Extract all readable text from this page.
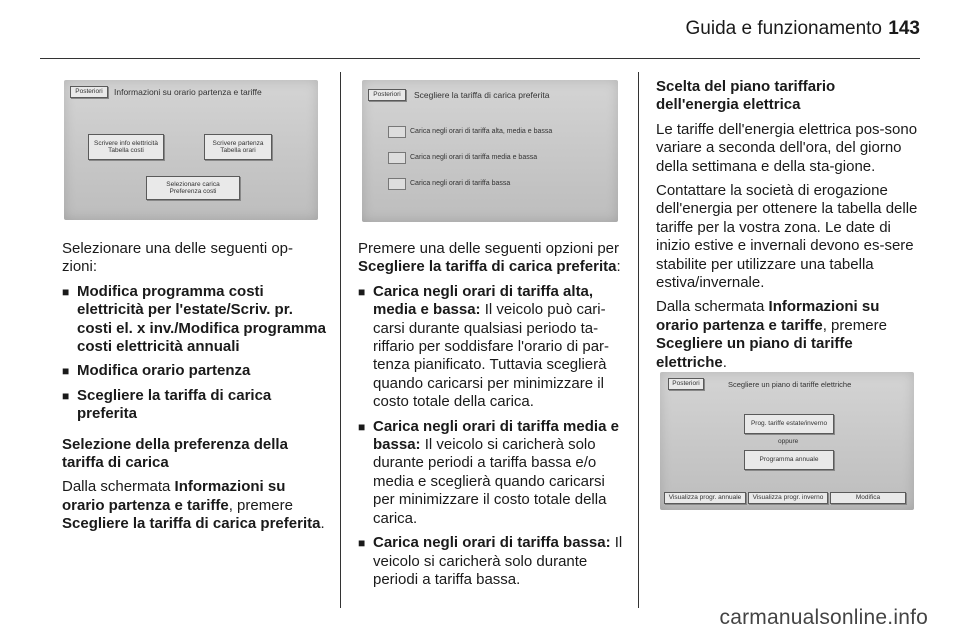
Guida e funzionamento 143
Posteriori	Informazioni su orario partenza e tariffe
Scrivere info elettricità
Tabella costi
Scrivere partenza
Tabella orari
Selezionare carica
Preferenza costi

Selezionare una delle seguenti op-zioni:

■ Modifica programma costi elettricità per l'estate/Scriv. pr. costi el. x inv./Modifica programma costi elettricità annuali
■ Modifica orario partenza
■ Scegliere la tariffa di carica preferita

Selezione della preferenza della tariffa di carica

Dalla schermata Informazioni su orario partenza e tariffe, premere Scegliere la tariffa di carica preferita.

Posteriori	Scegliere la tariffa di carica preferita
Carica negli orari di tariffa alta, media e bassa
Carica negli orari di tariffa media e bassa
Carica negli orari di tariffa bassa

Premere una delle seguenti opzioni per Scegliere la tariffa di carica preferita:

■ Carica negli orari di tariffa alta, media e bassa: Il veicolo può cari-carsi durante qualsiasi periodo ta-riffario per soddisfare l'orario di par-tenza pianificato. Tuttavia sceglierà quando caricarsi per minimizzare il costo totale della carica.
■ Carica negli orari di tariffa media e bassa: Il veicolo si caricherà solo durante periodi a tariffa bassa e/o media e sceglierà quando caricarsi per minimizzare il costo totale della carica.
■ Carica negli orari di tariffa bassa: Il veicolo si caricherà solo durante periodi a tariffa bassa.

Scelta del piano tariffario dell'energia elettrica

Le tariffe dell'energia elettrica pos-sono variare a seconda dell'ora, del giorno della settimana e della sta-gione.

Contattare la società di erogazione dell'energia per ottenere la tabella delle tariffe per la vostra zona. Le date di inizio estive e invernali devono es-sere stabilite per utilizzare una tabella estiva/invernale.

Dalla schermata Informazioni su orario partenza e tariffe, premere Scegliere un piano di tariffe elettriche.

Posteriori	Scegliere un piano di tariffe elettriche
Prog. tariffe estate/inverno
oppure
Programma annuale
Visualizza progr. annuale	Visualizza progr. inverno	Modifica
carmanualsonline.info
